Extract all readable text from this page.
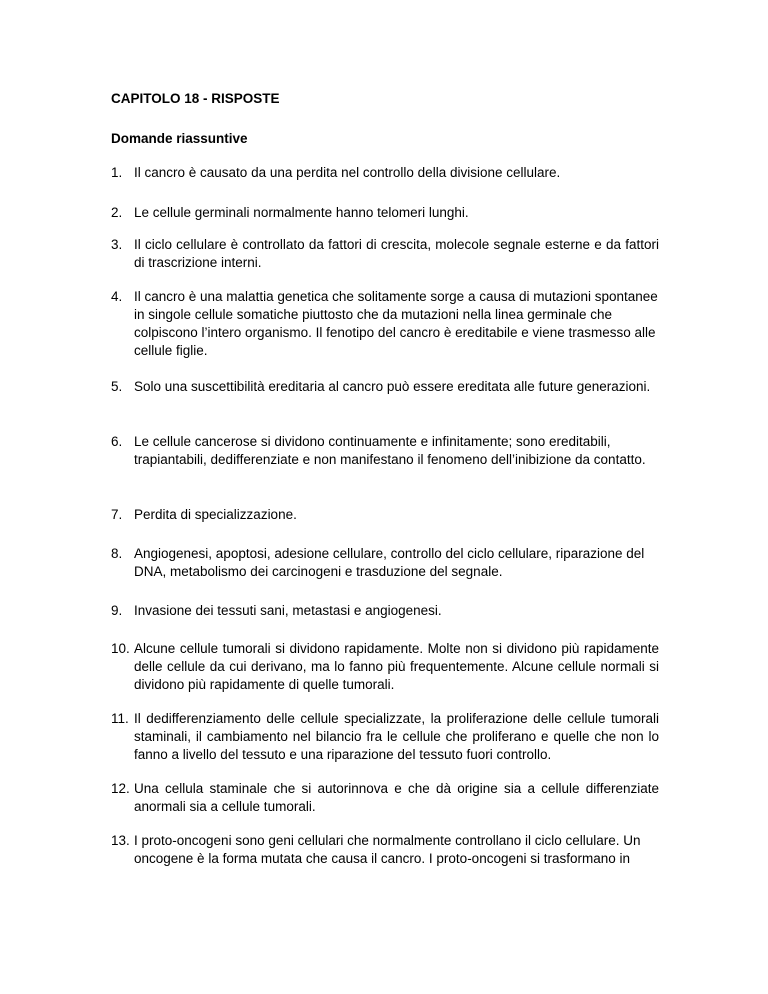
CAPITOLO 18 - RISPOSTE
Domande riassuntive
1. Il cancro è causato da una perdita nel controllo della divisione cellulare.
2. Le cellule germinali normalmente hanno telomeri lunghi.
3. Il ciclo cellulare è controllato da fattori di crescita, molecole segnale esterne e da fattori di trascrizione interni.
4. Il cancro è una malattia genetica che solitamente sorge a causa di mutazioni spontanee in singole cellule somatiche piuttosto che da mutazioni nella linea germinale che colpiscono l’intero organismo. Il fenotipo del cancro è ereditabile e viene trasmesso alle cellule figlie.
5. Solo una suscettibilità ereditaria al cancro può essere ereditata alle future generazioni.
6. Le cellule cancerose si dividono continuamente e infinitamente; sono ereditabili, trapiantabili, dedifferenziate e non manifestano il fenomeno dell’inibizione da contatto.
7. Perdita di specializzazione.
8. Angiogenesi, apoptosi, adesione cellulare, controllo del ciclo cellulare, riparazione del DNA, metabolismo dei carcinogeni e trasduzione del segnale.
9. Invasione dei tessuti sani, metastasi e angiogenesi.
10. Alcune cellule tumorali si dividono rapidamente. Molte non si dividono più rapidamente delle cellule da cui derivano, ma lo fanno più frequentemente. Alcune cellule normali si dividono più rapidamente di quelle tumorali.
11. Il dedifferenziamento delle cellule specializzate, la proliferazione delle cellule tumorali staminali, il cambiamento nel bilancio fra le cellule che proliferano e quelle che non lo fanno a livello del tessuto e una riparazione del tessuto fuori controllo.
12. Una cellula staminale che si autorinnova e che dà origine sia a cellule differenziate anormali sia a cellule tumorali.
13. I proto-oncogeni sono geni cellulari che normalmente controllano il ciclo cellulare. Un oncogene è la forma mutata che causa il cancro. I proto-oncogeni si trasformano in
